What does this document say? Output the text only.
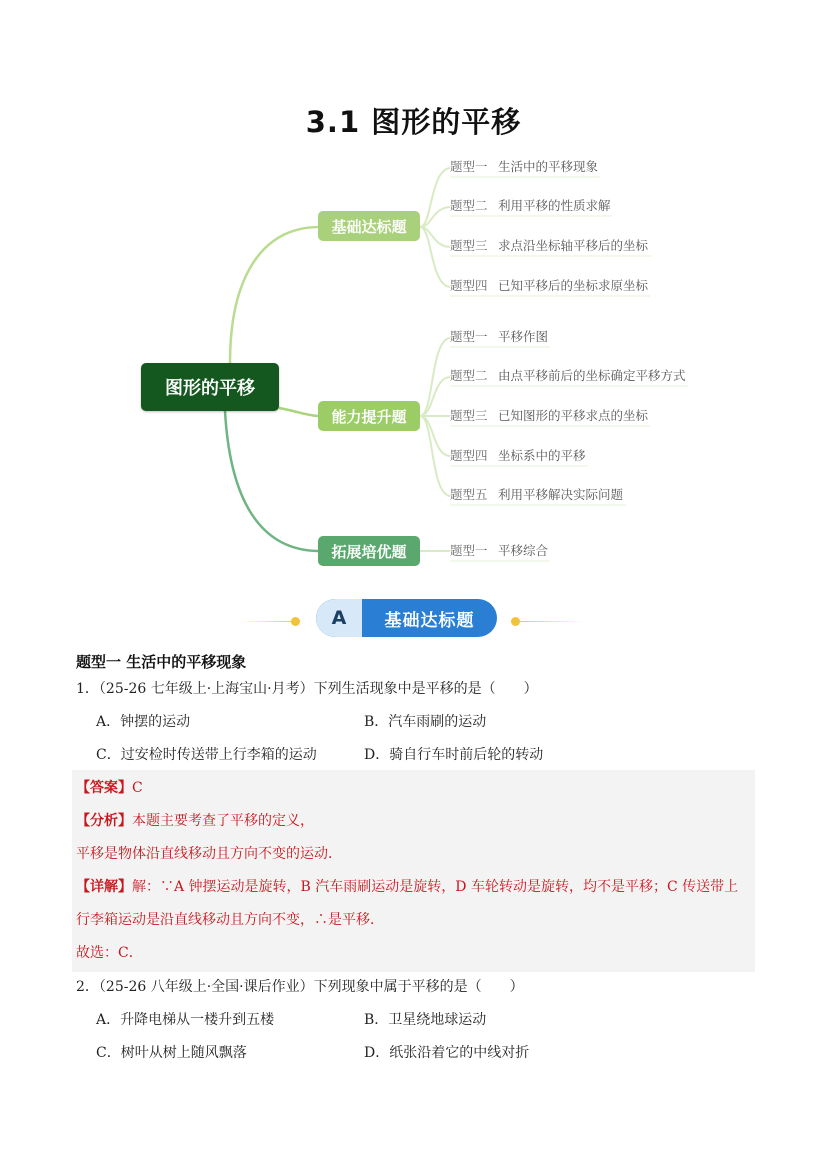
3.1 图形的平移
图形的平移
基础达标题
能力提升题
拓展培优题
题型一 生活中的平移现象
题型二 利用平移的性质求解
题型三 求点沿坐标轴平移后的坐标
题型四 已知平移后的坐标求原坐标
题型一 平移作图
题型二 由点平移前后的坐标确定平移方式
题型三 已知图形的平移求点的坐标
题型四 坐标系中的平移
题型五 利用平移解决实际问题
题型一 平移综合
A	基础达标题
题型一 生活中的平移现象
1．（25-26 七年级上·上海宝山·月考）下列生活现象中是平移的是（　　）
A．钟摆的运动	B．汽车雨刷的运动
C．过安检时传送带上行李箱的运动	D．骑自行车时前后轮的转动
【答案】C
【分析】本题主要考查了平移的定义，
平移是物体沿直线移动且方向不变的运动．
【详解】解：∵A 钟摆运动是旋转，B 汽车雨刷运动是旋转，D 车轮转动是旋转，均不是平移；C 传送带上
行李箱运动是沿直线移动且方向不变，∴是平移．
故选：C．
2．（25-26 八年级上·全国·课后作业）下列现象中属于平移的是（　　）
A．升降电梯从一楼升到五楼	B．卫星绕地球运动
C．树叶从树上随风飘落	D．纸张沿着它的中线对折
